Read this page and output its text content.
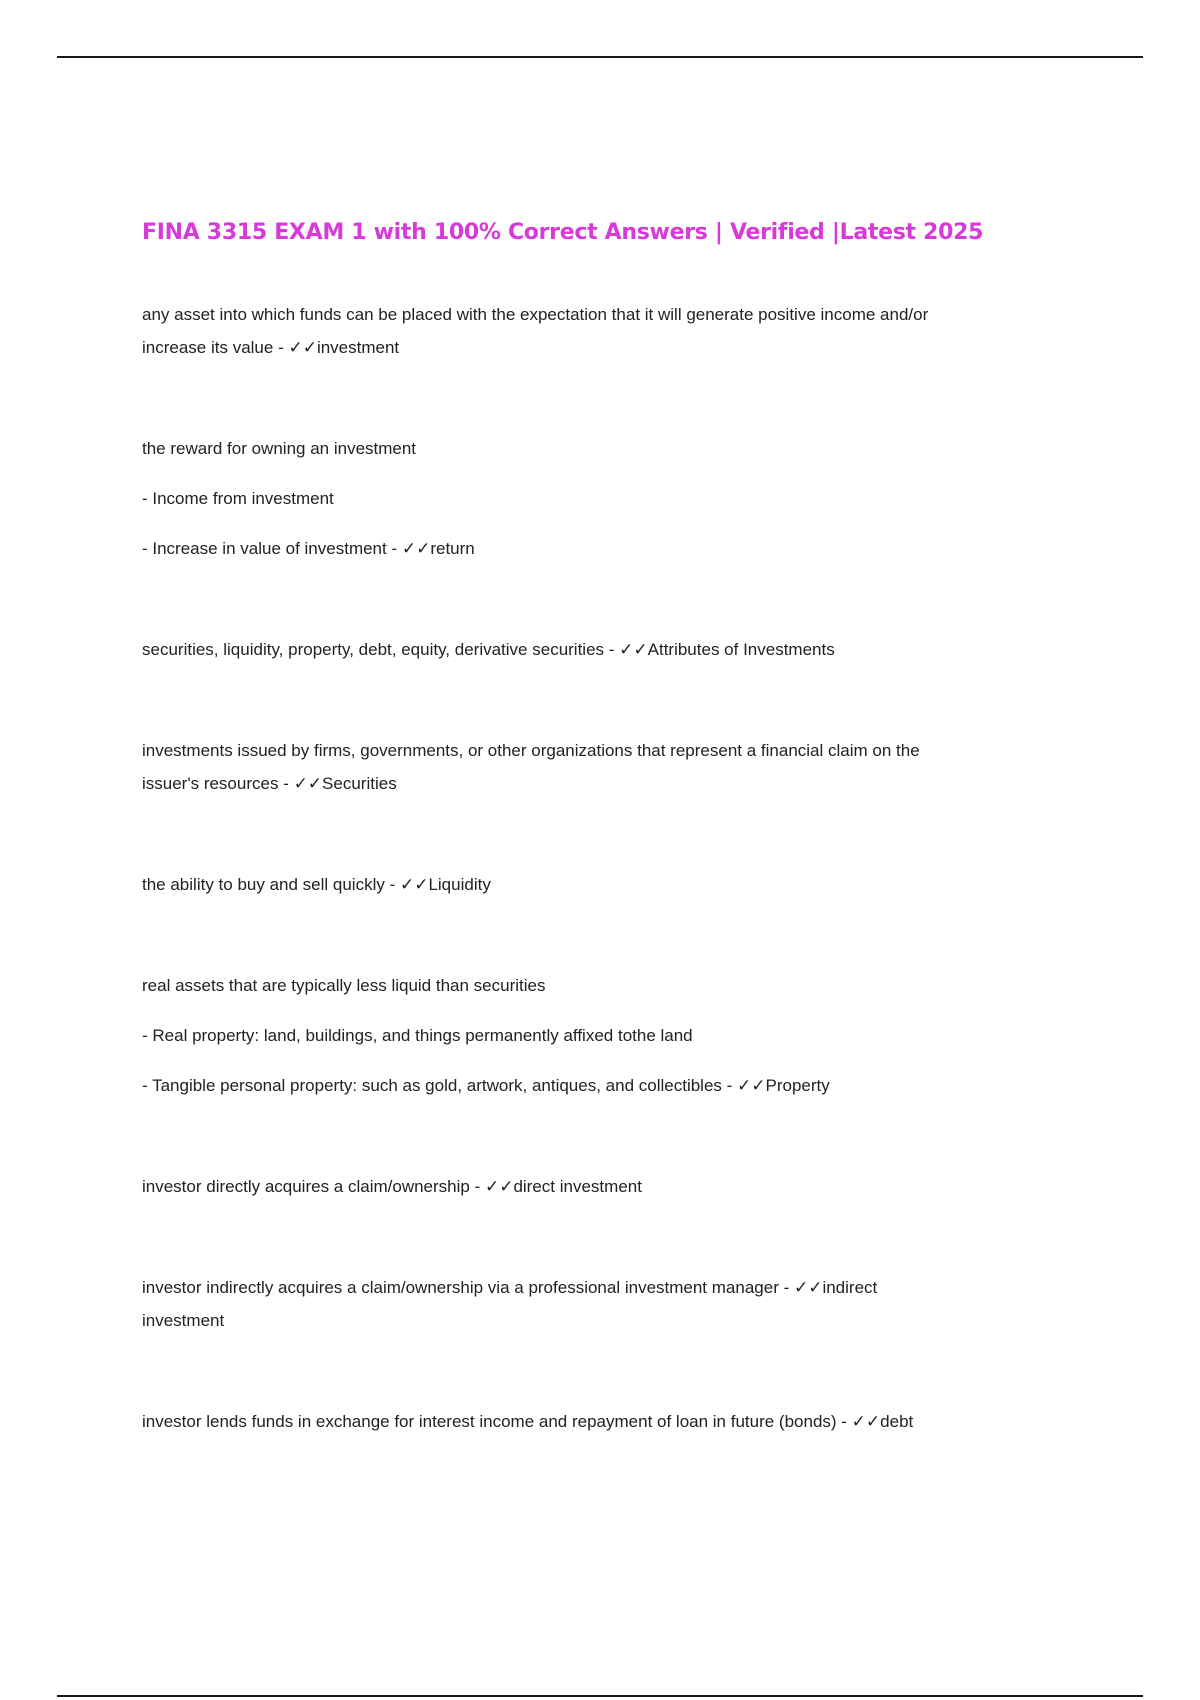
FINA 3315 EXAM 1 with 100% Correct Answers | Verified |Latest 2025

any asset into which funds can be placed with the expectation that it will generate positive income and/or

increase its value - ✓✓investment

the reward for owning an investment

- Income from investment

- Increase in value of investment - ✓✓return

securities, liquidity, property, debt, equity, derivative securities - ✓✓Attributes of Investments

investments issued by firms, governments, or other organizations that represent a financial claim on the

issuer's resources - ✓✓Securities

the ability to buy and sell quickly - ✓✓Liquidity

real assets that are typically less liquid than securities

- Real property: land, buildings, and things permanently affixed tothe land

- Tangible personal property: such as gold, artwork, antiques, and collectibles - ✓✓Property

investor directly acquires a claim/ownership - ✓✓direct investment

investor indirectly acquires a claim/ownership via a professional investment manager - ✓✓indirect

investment

investor lends funds in exchange for interest income and repayment of loan in future (bonds) - ✓✓debt
